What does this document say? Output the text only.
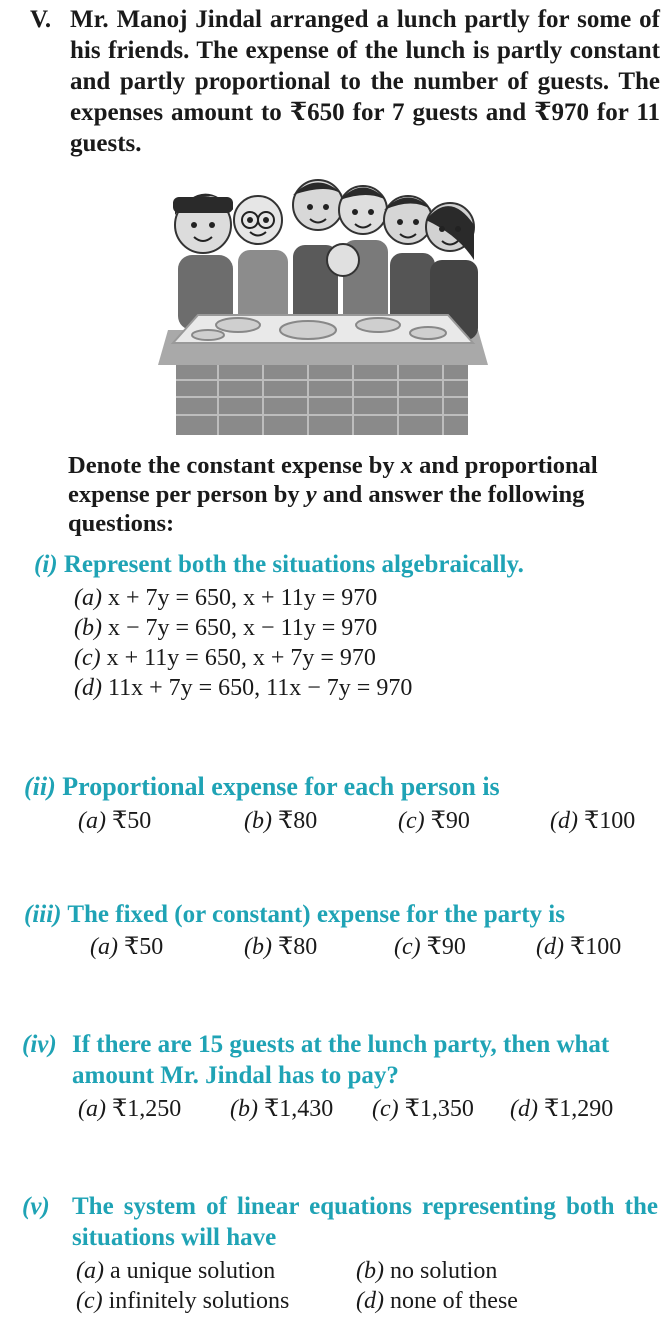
V. Mr. Manoj Jindal arranged a lunch partly for some of his friends. The expense of the lunch is partly constant and partly proportional to the number of guests. The expenses amount to ₹650 for 7 guests and ₹970 for 11 guests.
Denote the constant expense by x and proportional expense per person by y and answer the following questions:
(i) Represent both the situations algebraically.
(a) x + 7y = 650, x + 11y = 970
(b) x − 7y = 650, x − 11y = 970
(c) x + 11y = 650, x + 7y = 970
(d) 11x + 7y = 650, 11x − 7y = 970
(ii) Proportional expense for each person is
(a) ₹50	(b) ₹80	(c) ₹90	(d) ₹100
(iii) The fixed (or constant) expense for the party is
(a) ₹50	(b) ₹80	(c) ₹90	(d) ₹100
(iv) If there are 15 guests at the lunch party, then what amount Mr. Jindal has to pay?
(a) ₹1,250 (b) ₹1,430 (c) ₹1,350 (d) ₹1,290
(v) The system of linear equations representing both the situations will have
(a) a unique solution	(b) no solution
(c) infinitely solutions	(d) none of these
